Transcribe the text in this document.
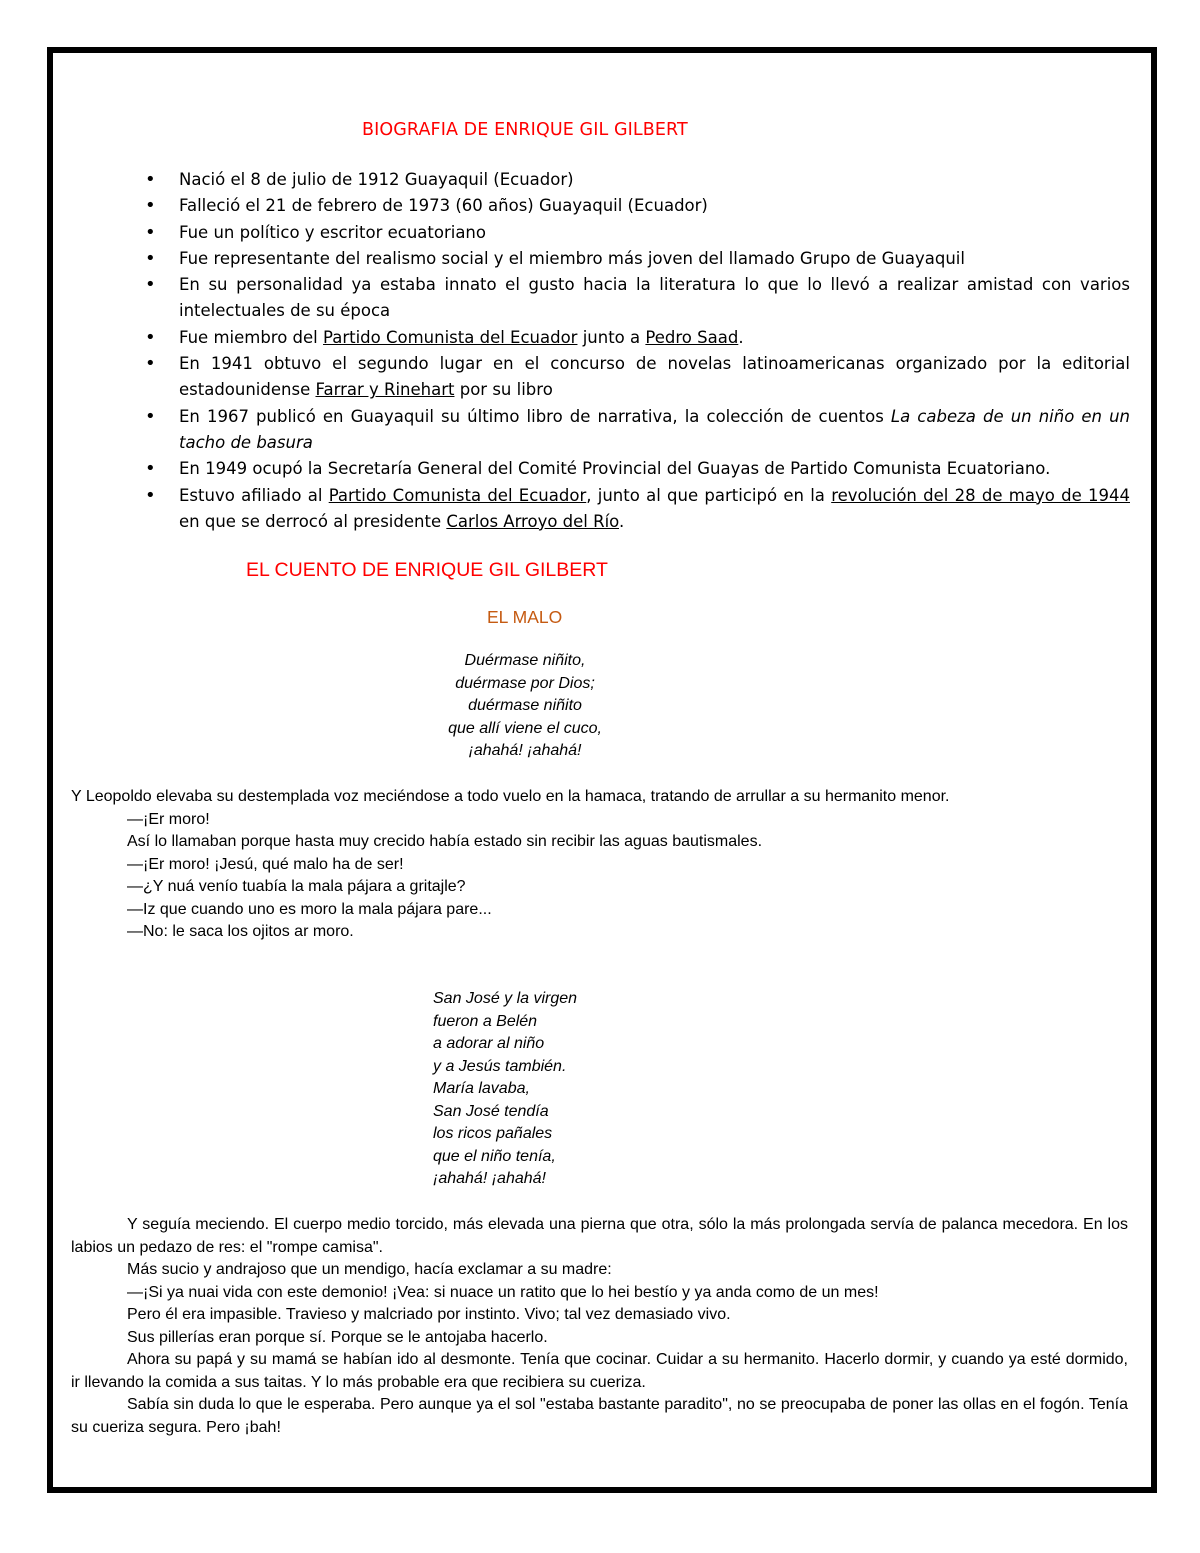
BIOGRAFIA DE ENRIQUE GIL GILBERT
• Nació el 8 de julio de 1912 Guayaquil (Ecuador)
• Falleció el 21 de febrero de 1973 (60 años) Guayaquil (Ecuador)
• Fue un político y escritor ecuatoriano
• Fue representante del realismo social y el miembro más joven del llamado Grupo de Guayaquil
• En su personalidad ya estaba innato el gusto hacia la literatura lo que lo llevó a realizar amistad con varios intelectuales de su época
• Fue miembro del Partido Comunista del Ecuador junto a Pedro Saad.
• En 1941 obtuvo el segundo lugar en el concurso de novelas latinoamericanas organizado por la editorial estadounidense Farrar y Rinehart por su libro
• En 1967 publicó en Guayaquil su último libro de narrativa, la colección de cuentos La cabeza de un niño en un tacho de basura
• En 1949 ocupó la Secretaría General del Comité Provincial del Guayas de Partido Comunista Ecuatoriano.
• Estuvo afiliado al Partido Comunista del Ecuador, junto al que participó en la revolución del 28 de mayo de 1944 en que se derrocó al presidente Carlos Arroyo del Río.
EL CUENTO DE ENRIQUE GIL GILBERT
EL MALO
Duérmase niñito,
duérmase por Dios;
duérmase niñito
que allí viene el cuco,
¡ahahá! ¡ahahá!

Y Leopoldo elevaba su destemplada voz meciéndose a todo vuelo en la hamaca, tratando de arrullar a su hermanito menor.

—¡Er moro!

Así lo llamaban porque hasta muy crecido había estado sin recibir las aguas bautismales.

—¡Er moro! ¡Jesú, qué malo ha de ser!

—¿Y nuá venío tuabía la mala pájara a gritajle?

—Iz que cuando uno es moro la mala pájara pare...

—No: le saca los ojitos ar moro.

San José y la virgen
fueron a Belén
a adorar al niño
y a Jesús también.
María lavaba,
San José tendía
los ricos pañales
que el niño tenía,
¡ahahá! ¡ahahá!

Y seguía meciendo. El cuerpo medio torcido, más elevada una pierna que otra, sólo la más prolongada servía de palanca mecedora. En los labios un pedazo de res: el "rompe camisa".

Más sucio y andrajoso que un mendigo, hacía exclamar a su madre:

—¡Si ya nuai vida con este demonio! ¡Vea: si nuace un ratito que lo hei bestío y ya anda como de un mes!

Pero él era impasible. Travieso y malcriado por instinto. Vivo; tal vez demasiado vivo.

Sus pillerías eran porque sí. Porque se le antojaba hacerlo.

Ahora su papá y su mamá se habían ido al desmonte. Tenía que cocinar. Cuidar a su hermanito. Hacerlo dormir, y cuando ya esté dormido, ir llevando la comida a sus taitas. Y lo más probable era que recibiera su cueriza.

Sabía sin duda lo que le esperaba. Pero aunque ya el sol "estaba bastante paradito", no se preocupaba de poner las ollas en el fogón. Tenía su cueriza segura. Pero ¡bah!
